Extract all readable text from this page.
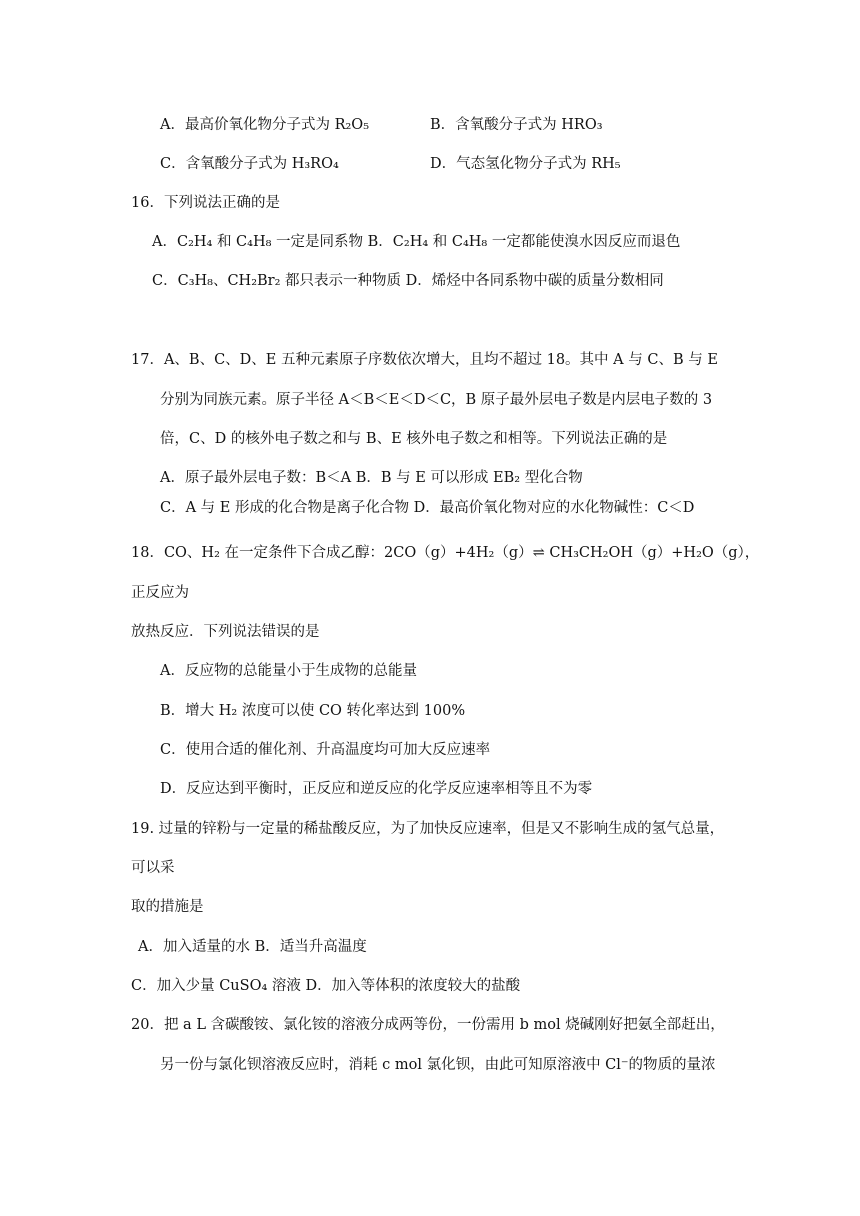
A．最高价氧化物分子式为 R₂O₅	B．含氧酸分子式为 HRO₃
C．含氧酸分子式为 H₃RO₄	D．气态氢化物分子式为 RH₅
16．下列说法正确的是
A．C₂H₄ 和 C₄H₈ 一定是同系物 B．C₂H₄ 和 C₄H₈ 一定都能使溴水因反应而退色
C．C₃H₈、CH₂Br₂ 都只表示一种物质 D．烯烃中各同系物中碳的质量分数相同
17．A、B、C、D、E 五种元素原子序数依次增大，且均不超过 18。其中 A 与 C、B 与 E
分别为同族元素。原子半径 A＜B＜E＜D＜C，B 原子最外层电子数是内层电子数的 3
倍，C、D 的核外电子数之和与 B、E 核外电子数之和相等。下列说法正确的是
A．原子最外层电子数：B＜A B．B 与 E 可以形成 EB₂ 型化合物
C．A 与 E 形成的化合物是离子化合物 D．最高价氧化物对应的水化物碱性：C＜D
18．CO、H₂ 在一定条件下合成乙醇：2CO（g）+4H₂（g）⇌ CH₃CH₂OH（g）+H₂O（g），
正反应为
放热反应．下列说法错误的是
A．反应物的总能量小于生成物的总能量
B．增大 H₂ 浓度可以使 CO 转化率达到 100%
C．使用合适的催化剂、升高温度均可加大反应速率
D．反应达到平衡时，正反应和逆反应的化学反应速率相等且不为零
19. 过量的锌粉与一定量的稀盐酸反应，为了加快反应速率，但是又不影响生成的氢气总量，
可以采
取的措施是
A．加入适量的水 B．适当升高温度
C．加入少量 CuSO₄ 溶液 D．加入等体积的浓度较大的盐酸
20．把 a L 含碳酸铵、氯化铵的溶液分成两等份，一份需用 b mol 烧碱刚好把氨全部赶出，
另一份与氯化钡溶液反应时，消耗 c mol 氯化钡，由此可知原溶液中 Cl⁻的物质的量浓
